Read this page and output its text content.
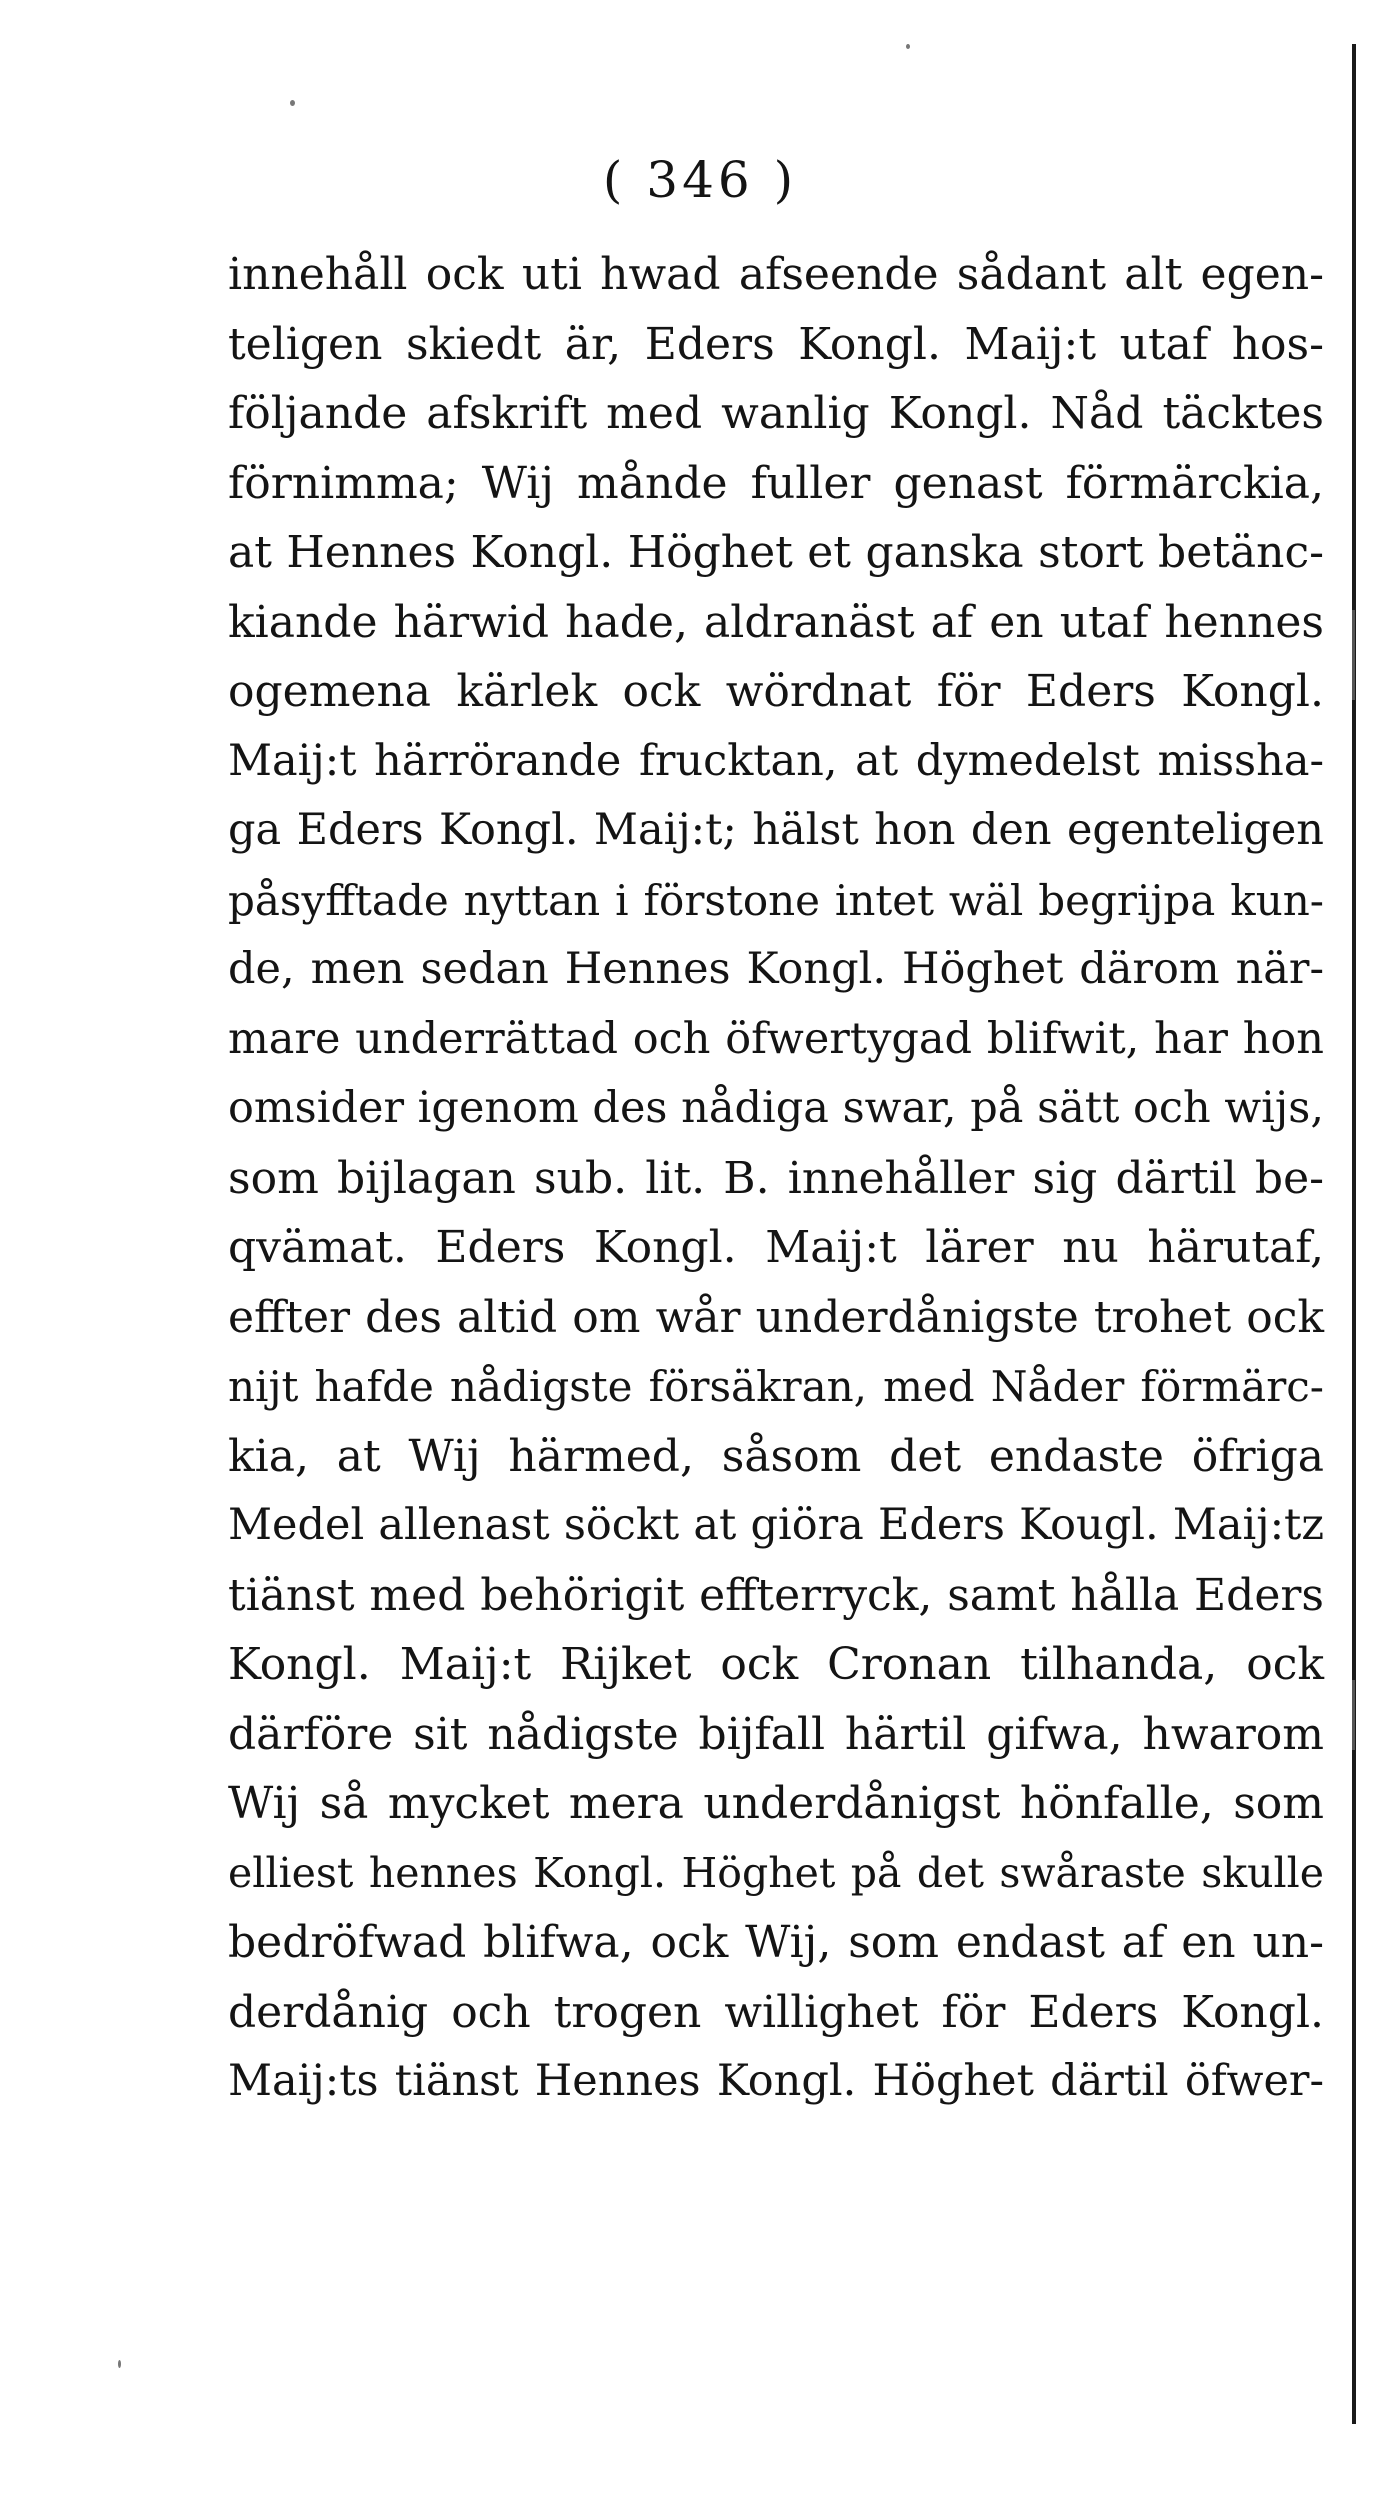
( 346 )
innehåll ock uti hwad afseende sådant alt egen-
teligen skiedt är, Eders Kongl. Maij:t utaf hos-
följande afskrift med wanlig Kongl. Nåd täcktes
förnimma; Wij månde fuller genast förmärckia,
at Hennes Kongl. Höghet et ganska stort betänc-
kiande härwid hade, aldranäst af en utaf hennes
ogemena kärlek ock wördnat för Eders Kongl.
Maij:t härrörande frucktan, at dymedelst missha-
ga Eders Kongl. Maij:t; hälst hon den egenteligen
påsyfftade nyttan i förstone intet wäl begrijpa kun-
de, men sedan Hennes Kongl. Höghet därom när-
mare underrättad och öfwertygad blifwit, har hon
omsider igenom des nådiga swar, på sätt och wijs,
som bijlagan sub. lit. B. innehåller sig därtil be-
qvämat. Eders Kongl. Maij:t lärer nu härutaf,
effter des altid om wår underdånigste trohet ock
nijt hafde nådigste försäkran, med Nåder förmärc-
kia, at Wij härmed, såsom det endaste öfriga
Medel allenast söckt at giöra Eders Kougl. Maij:tz
tiänst med behörigit effterryck, samt hålla Eders
Kongl. Maij:t Rijket ock Cronan tilhanda, ock
därföre sit nådigste bijfall härtil gifwa, hwarom
Wij så mycket mera underdånigst hönfalle, som
elliest hennes Kongl. Höghet på det swåraste skulle
bedröfwad blifwa, ock Wij, som endast af en un-
derdånig och trogen willighet för Eders Kongl.
Maij:ts tiänst Hennes Kongl. Höghet därtil öfwer-
